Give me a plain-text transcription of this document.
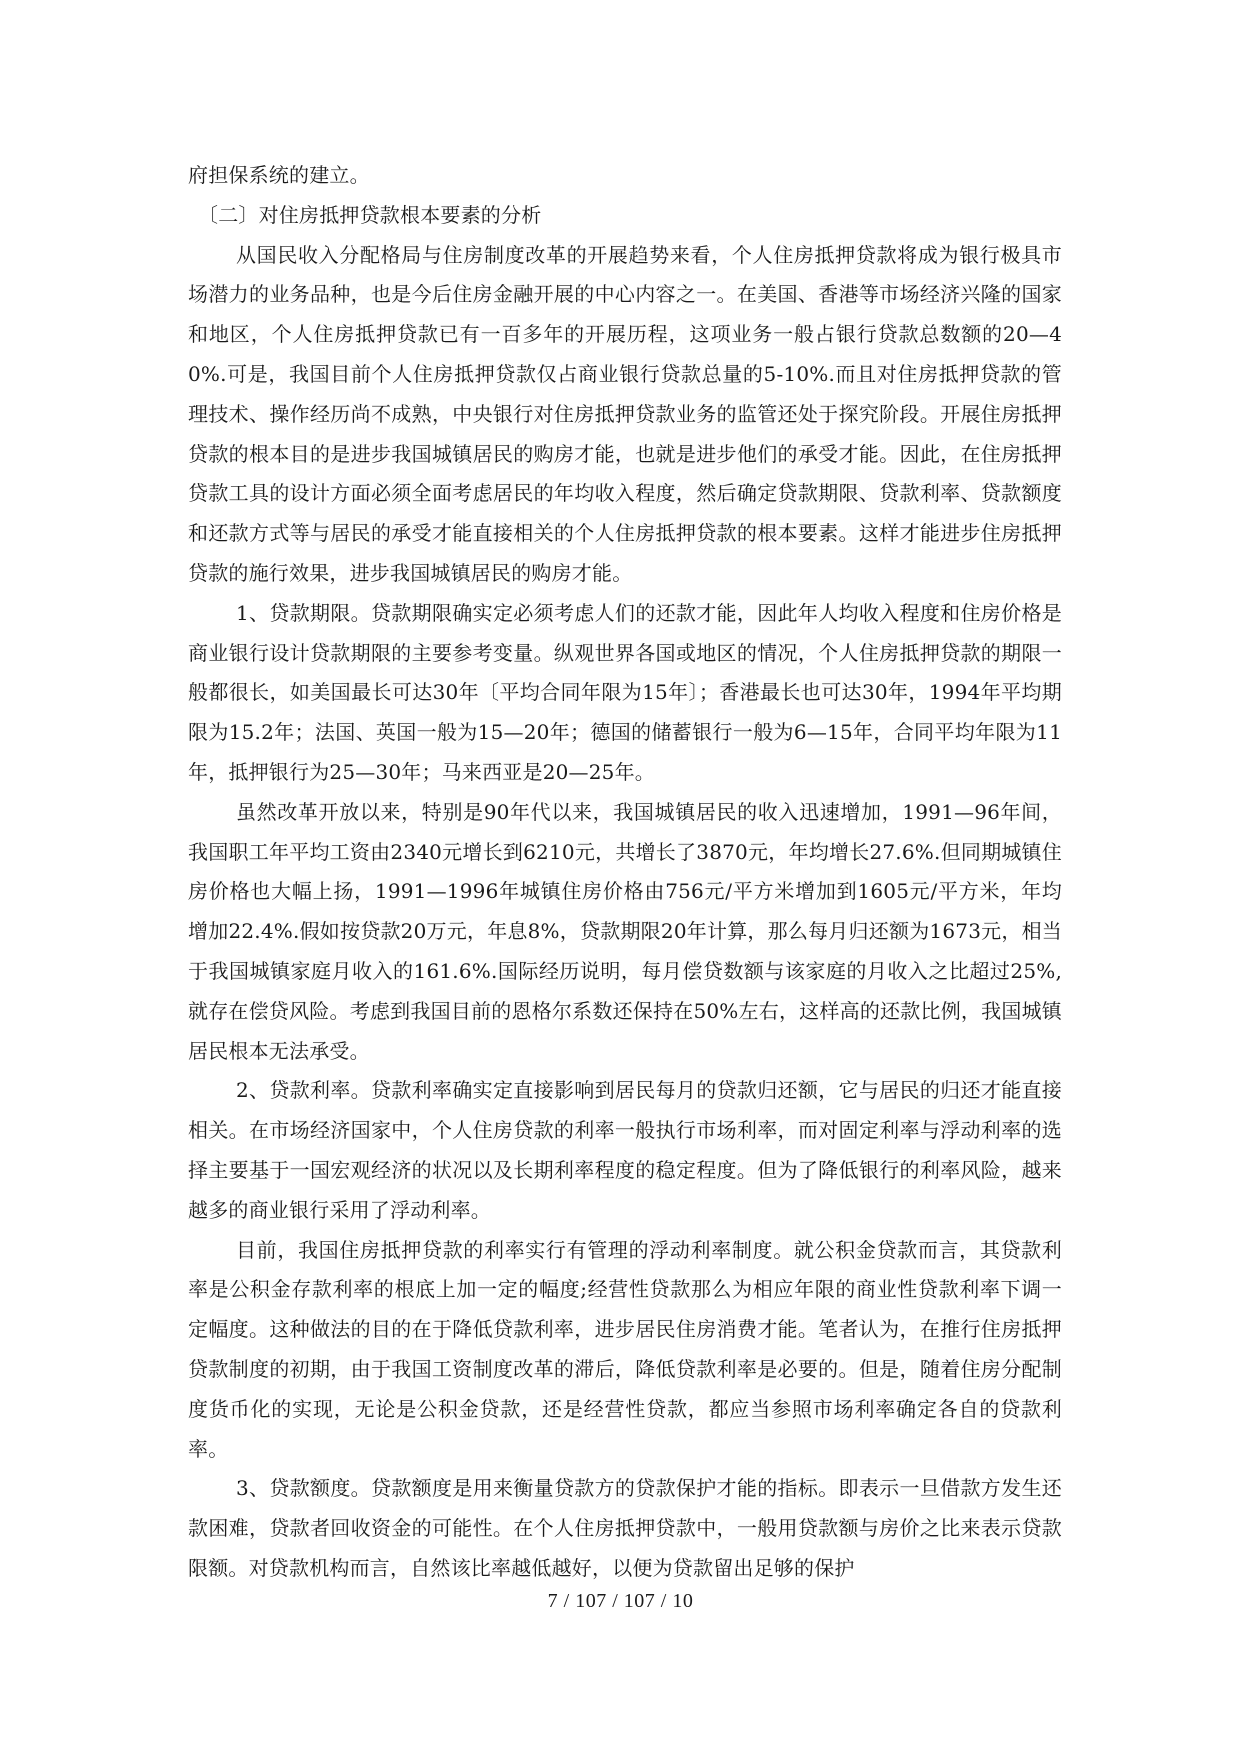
府担保系统的建立。

〔二〕对住房抵押贷款根本要素的分析

从国民收入分配格局与住房制度改革的开展趋势来看，个人住房抵押贷款将成为银行极具市场潜力的业务品种，也是今后住房金融开展的中心内容之一。在美国、香港等市场经济兴隆的国家和地区，个人住房抵押贷款已有一百多年的开展历程，这项业务一般占银行贷款总数额的20—40%.可是，我国目前个人住房抵押贷款仅占商业银行贷款总量的5-10%.而且对住房抵押贷款的管理技术、操作经历尚不成熟，中央银行对住房抵押贷款业务的监管还处于探究阶段。开展住房抵押贷款的根本目的是进步我国城镇居民的购房才能，也就是进步他们的承受才能。因此，在住房抵押贷款工具的设计方面必须全面考虑居民的年均收入程度，然后确定贷款期限、贷款利率、贷款额度和还款方式等与居民的承受才能直接相关的个人住房抵押贷款的根本要素。这样才能进步住房抵押贷款的施行效果，进步我国城镇居民的购房才能。

1、贷款期限。贷款期限确实定必须考虑人们的还款才能，因此年人均收入程度和住房价格是商业银行设计贷款期限的主要参考变量。纵观世界各国或地区的情况，个人住房抵押贷款的期限一般都很长，如美国最长可达30年〔平均合同年限为15年〕；香港最长也可达30年，1994年平均期限为15.2年；法国、英国一般为15—20年；德国的储蓄银行一般为6—15年，合同平均年限为11年，抵押银行为25—30年；马来西亚是20—25年。

虽然改革开放以来，特别是90年代以来，我国城镇居民的收入迅速增加，1991—96年间，我国职工年平均工资由2340元增长到6210元，共增长了3870元，年均增长27.6%.但同期城镇住房价格也大幅上扬，1991—1996年城镇住房价格由756元/平方米增加到1605元/平方米，年均增加22.4%.假如按贷款20万元，年息8%，贷款期限20年计算，那么每月归还额为1673元，相当于我国城镇家庭月收入的161.6%.国际经历说明，每月偿贷数额与该家庭的月收入之比超过25%,就存在偿贷风险。考虑到我国目前的恩格尔系数还保持在50%左右，这样高的还款比例，我国城镇居民根本无法承受。

2、贷款利率。贷款利率确实定直接影响到居民每月的贷款归还额，它与居民的归还才能直接相关。在市场经济国家中，个人住房贷款的利率一般执行市场利率，而对固定利率与浮动利率的选择主要基于一国宏观经济的状况以及长期利率程度的稳定程度。但为了降低银行的利率风险，越来越多的商业银行采用了浮动利率。

目前，我国住房抵押贷款的利率实行有管理的浮动利率制度。就公积金贷款而言，其贷款利率是公积金存款利率的根底上加一定的幅度;经营性贷款那么为相应年限的商业性贷款利率下调一定幅度。这种做法的目的在于降低贷款利率，进步居民住房消费才能。笔者认为，在推行住房抵押贷款制度的初期，由于我国工资制度改革的滞后，降低贷款利率是必要的。但是，随着住房分配制度货币化的实现，无论是公积金贷款，还是经营性贷款，都应当参照市场利率确定各自的贷款利率。

3、贷款额度。贷款额度是用来衡量贷款方的贷款保护才能的指标。即表示一旦借款方发生还款困难，贷款者回收资金的可能性。在个人住房抵押贷款中，一般用贷款额与房价之比来表示贷款限额。对贷款机构而言，自然该比率越低越好，以便为贷款留出足够的保护

7 / 107 / 107 / 10
